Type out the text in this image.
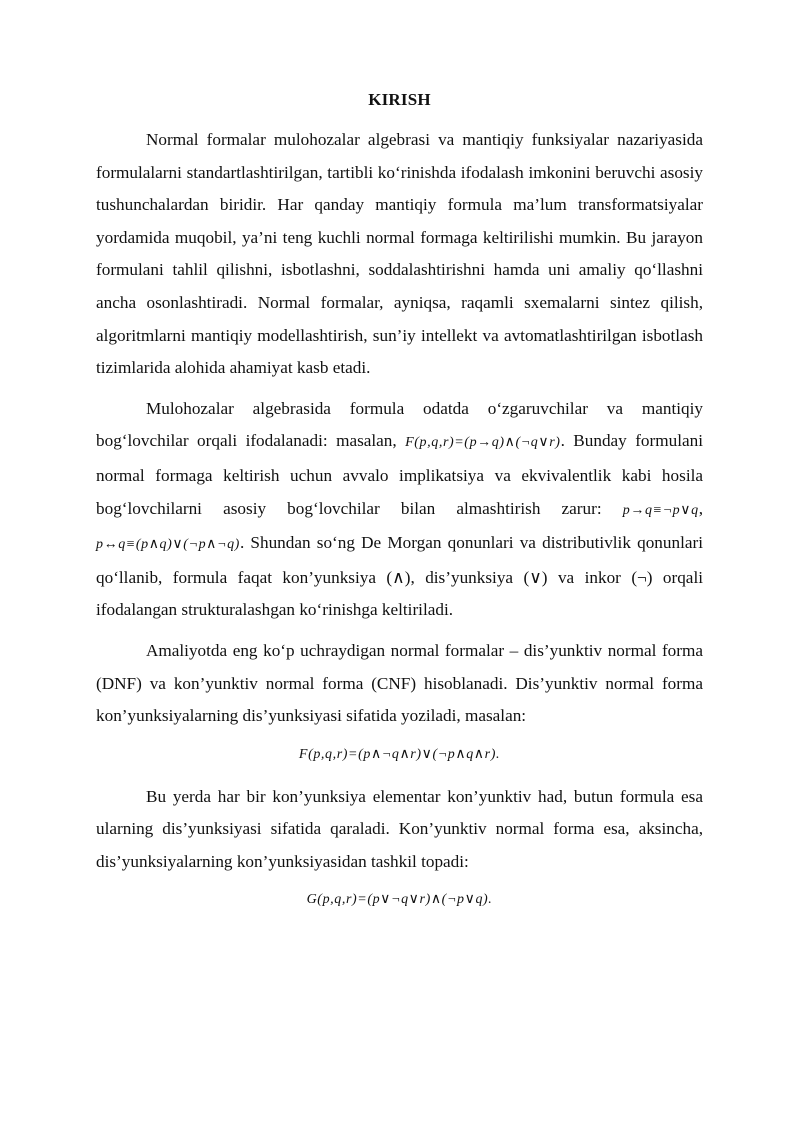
KIRISH

Normal formalar mulohozalar algebrasi va mantiqiy funksiyalar nazariyasida formulalarni standartlashtirilgan, tartibli ko‘rinishda ifodalash imkonini beruvchi asosiy tushunchalardan biridir. Har qanday mantiqiy formula ma’lum transformatsiyalar yordamida muqobil, ya’ni teng kuchli normal formaga keltirilishi mumkin. Bu jarayon formulani tahlil qilishni, isbotlashni, soddalashtirishni hamda uni amaliy qo‘llashni ancha osonlashtiradi. Normal formalar, ayniqsa, raqamli sxemalarni sintez qilish, algoritmlarni mantiqiy modellashtirish, sun’iy intellekt va avtomatlashtirilgan isbotlash tizimlarida alohida ahamiyat kasb etadi.

Mulohozalar algebrasida formula odatda o‘zgaruvchilar va mantiqiy bog‘lovchilar orqali ifodalanadi: masalan, F(p,q,r)=(p→q)∧(¬q∨r). Bunday formulani normal formaga keltirish uchun avvalo implikatsiya va ekvivalentlik kabi hosila bog‘lovchilarni asosiy bog‘lovchilar bilan almashtirish zarur: p→q≡¬p∨q, p↔q≡(p∧q)∨(¬p∧¬q). Shundan so‘ng De Morgan qonunlari va distributivlik qonunlari qo‘llanib, formula faqat kon’yunksiya (∧), dis’yunksiya (∨) va inkor (¬) orqali ifodalangan strukturalashgan ko‘rinishga keltiriladi.

Amaliyotda eng ko‘p uchraydigan normal formalar – dis’yunktiv normal forma (DNF) va kon’yunktiv normal forma (CNF) hisoblanadi. Dis’yunktiv normal forma kon’yunksiyalarning dis’yunksiyasi sifatida yoziladi, masalan:

F(p,q,r)=(p∧¬q∧r)∨(¬p∧q∧r).

Bu yerda har bir kon’yunksiya elementar kon’yunktiv had, butun formula esa ularning dis’yunksiyasi sifatida qaraladi. Kon’yunktiv normal forma esa, aksincha, dis’yunksiyalarning kon’yunksiyasidan tashkil topadi:

G(p,q,r)=(p∨¬q∨r)∧(¬p∨q).
